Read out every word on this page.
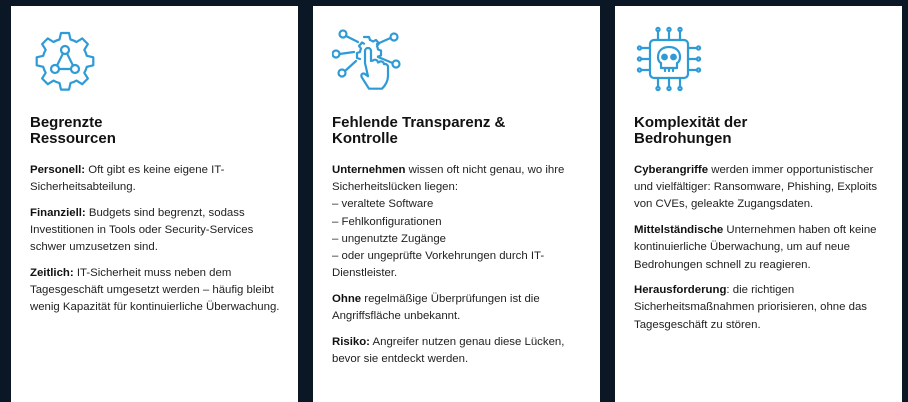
Begrenzte
Ressourcen

Personell: Oft gibt es keine eigene IT-Sicherheitsabteilung.

Finanziell: Budgets sind begrenzt, sodass Investitionen in Tools oder Security-Services schwer umzusetzen sind.

Zeitlich: IT-Sicherheit muss neben dem Tagesgeschäft umgesetzt werden – häufig bleibt wenig Kapazität für kontinuierliche Überwachung.

Fehlende Transparenz &
Kontrolle
Unternehmen wissen oft nicht genau, wo ihre Sicherheitslücken liegen:
– veraltete Software
– Fehlkonfigurationen
– ungenutzte Zugänge
– oder ungeprüfte Vorkehrungen durch IT-Dienstleister.

Ohne regelmäßige Überprüfungen ist die Angriffsfläche unbekannt.

Risiko: Angreifer nutzen genau diese Lücken, bevor sie entdeckt werden.

Komplexität der
Bedrohungen

Cyberangriffe werden immer opportunistischer und vielfältiger: Ransomware, Phishing, Exploits von CVEs, geleakte Zugangsdaten.

Mittelständische Unternehmen haben oft keine kontinuierliche Überwachung, um auf neue Bedrohungen schnell zu reagieren.

Herausforderung: die richtigen Sicherheitsmaßnahmen priorisieren, ohne das Tagesgeschäft zu stören.
